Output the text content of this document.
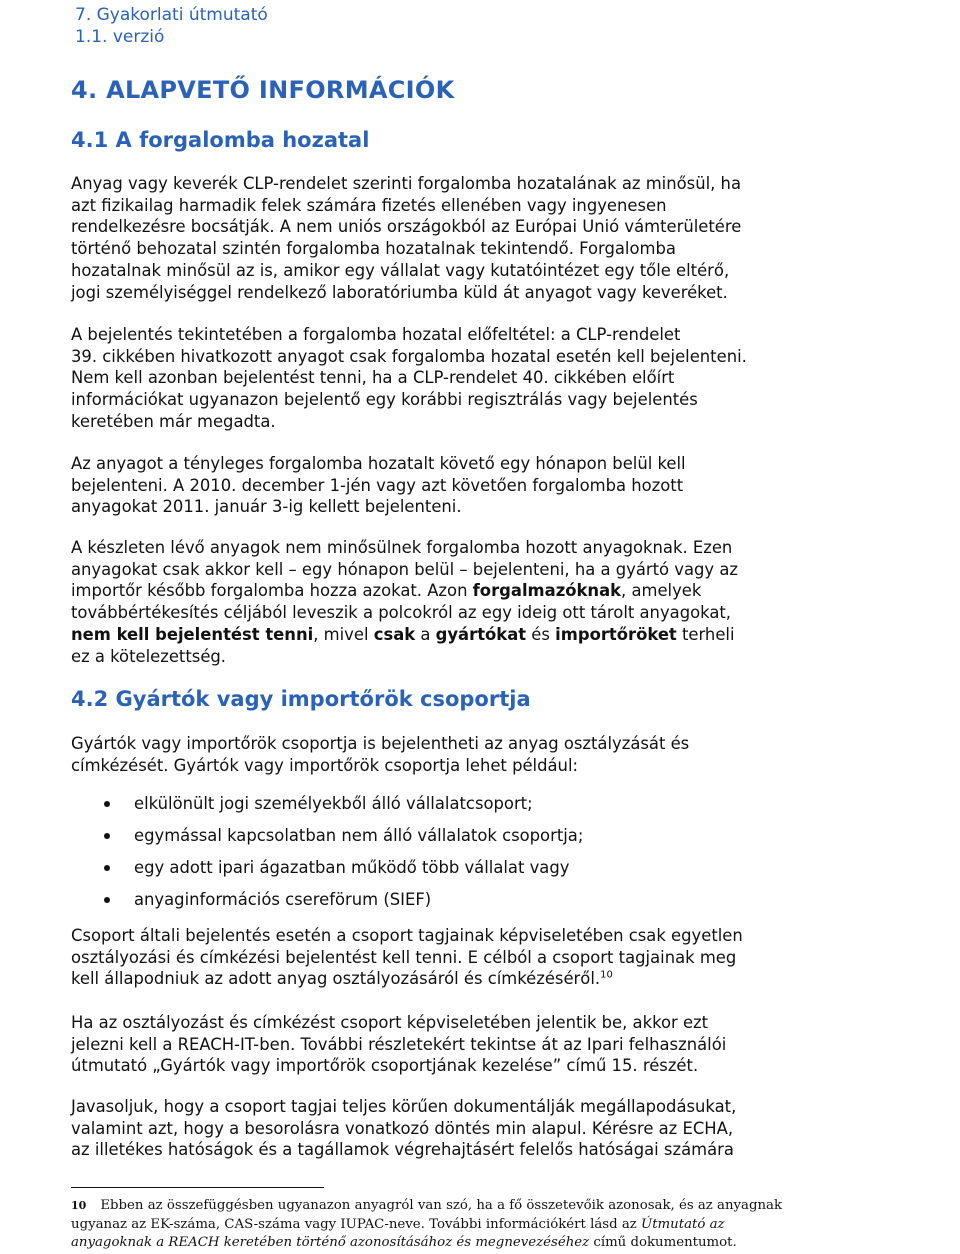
7. Gyakorlati útmutató
1.1. verzió
4. ALAPVETŐ INFORMÁCIÓK
4.1 A forgalomba hozatal

Anyag vagy keverék CLP-rendelet szerinti forgalomba hozatalának az minősül, ha
azt fizikailag harmadik felek számára fizetés ellenében vagy ingyenesen
rendelkezésre bocsátják. A nem uniós országokból az Európai Unió vámterületére
történő behozatal szintén forgalomba hozatalnak tekintendő. Forgalomba
hozatalnak minősül az is, amikor egy vállalat vagy kutatóintézet egy tőle eltérő,
jogi személyiséggel rendelkező laboratóriumba küld át anyagot vagy keveréket.

A bejelentés tekintetében a forgalomba hozatal előfeltétel: a CLP-rendelet
39. cikkében hivatkozott anyagot csak forgalomba hozatal esetén kell bejelenteni.
Nem kell azonban bejelentést tenni, ha a CLP-rendelet 40. cikkében előírt
információkat ugyanazon bejelentő egy korábbi regisztrálás vagy bejelentés
keretében már megadta.

Az anyagot a tényleges forgalomba hozatalt követő egy hónapon belül kell
bejelenteni. A 2010. december 1-jén vagy azt követően forgalomba hozott
anyagokat 2011. január 3-ig kellett bejelenteni.

A készleten lévő anyagok nem minősülnek forgalomba hozott anyagoknak. Ezen
anyagokat csak akkor kell – egy hónapon belül – bejelenteni, ha a gyártó vagy az
importőr később forgalomba hozza azokat. Azon forgalmazóknak, amelyek
továbbértékesítés céljából leveszik a polcokról az egy ideig ott tárolt anyagokat,
nem kell bejelentést tenni, mivel csak a gyártókat és importőröket terheli
ez a kötelezettség.

4.2 Gyártók vagy importőrök csoportja

Gyártók vagy importőrök csoportja is bejelentheti az anyag osztályzását és
címkézését. Gyártók vagy importőrök csoportja lehet például:

elkülönült jogi személyekből álló vállalatcsoport;
egymással kapcsolatban nem álló vállalatok csoportja;
egy adott ipari ágazatban működő több vállalat vagy
anyaginformációs csereförum (SIEF)

Csoport általi bejelentés esetén a csoport tagjainak képviseletében csak egyetlen
osztályozási és címkézési bejelentést kell tenni. E célból a csoport tagjainak meg
kell állapodniuk az adott anyag osztályozásáról és címkézéséről.$^{10}$

Ha az osztályozást és címkézést csoport képviseletében jelentik be, akkor ezt
jelezni kell a REACH-IT-ben. További részletekért tekintse át az Ipari felhasználói
útmutató „Gyártók vagy importőrök csoportjának kezelése” című 15. részét.

Javasoljuk, hogy a csoport tagjai teljes körűen dokumentálják megállapodásukat,
valamint azt, hogy a besorolásra vonatkozó döntés min alapul. Kérésre az ECHA,
az illetékes hatóságok és a tagállamok végrehajtásért felelős hatóságai számára

10 Ebben az összefüggésben ugyanazon anyagról van szó, ha a fő összetevőik azonosak, és az anyagnak
ugyanaz az EK-száma, CAS-száma vagy IUPAC-neve. További információkért lásd az Útmutató az
anyagoknak a REACH keretében történő azonosításához és megnevezéséhez című dokumentumot.
